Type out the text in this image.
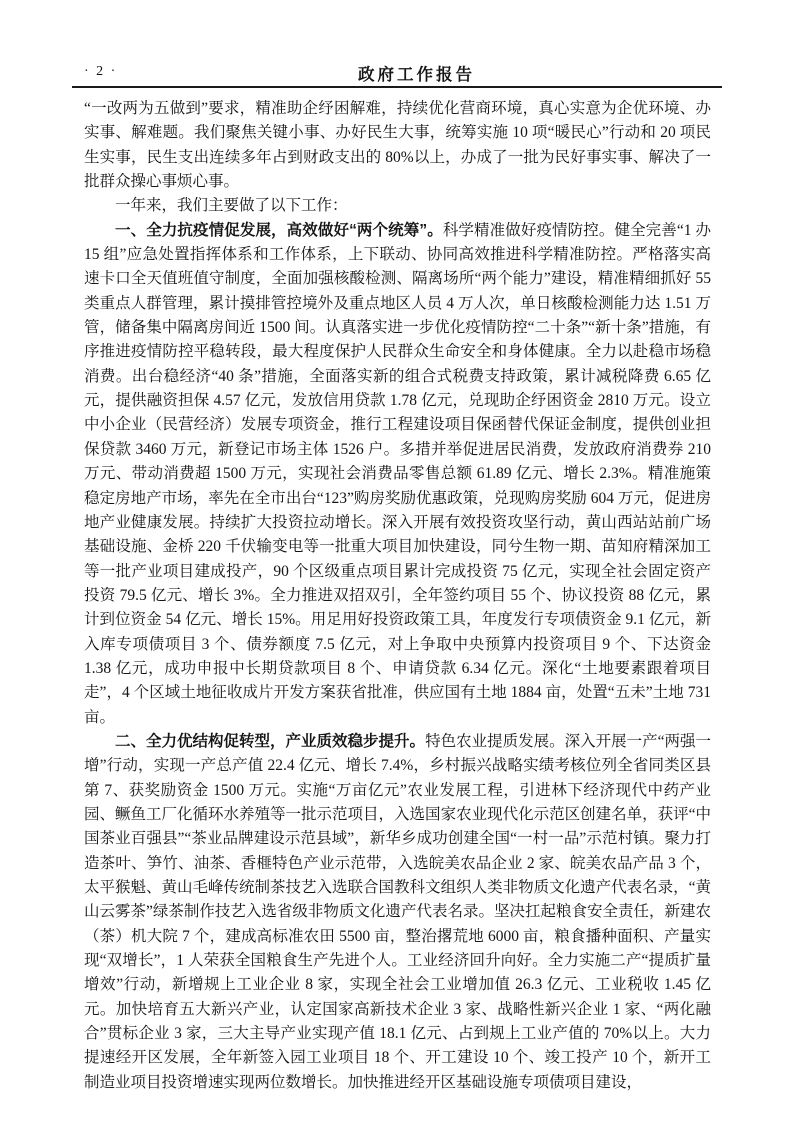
· 2 ·	政府工作报告

“一改两为五做到”要求，精准助企纾困解难，持续优化营商环境，真心实意为企优环境、办实事、解难题。我们聚焦关键小事、办好民生大事，统筹实施 10 项“暖民心”行动和 20 项民生实事，民生支出连续多年占到财政支出的 80%以上，办成了一批为民好事实事、解决了一批群众操心事烦心事。

一年来，我们主要做了以下工作：

一、全力抗疫情促发展，高效做好“两个统筹”。科学精准做好疫情防控。健全完善“1 办 15 组”应急处置指挥体系和工作体系，上下联动、协同高效推进科学精准防控。严格落实高速卡口全天值班值守制度，全面加强核酸检测、隔离场所“两个能力”建设，精准精细抓好 55 类重点人群管理，累计摸排管控境外及重点地区人员 4 万人次，单日核酸检测能力达 1.51 万管，储备集中隔离房间近 1500 间。认真落实进一步优化疫情防控“二十条”“新十条”措施，有序推进疫情防控平稳转段，最大程度保护人民群众生命安全和身体健康。全力以赴稳市场稳消费。出台稳经济“40 条”措施，全面落实新的组合式税费支持政策，累计减税降费 6.65 亿元，提供融资担保 4.57 亿元，发放信用贷款 1.78 亿元，兑现助企纾困资金 2810 万元。设立中小企业（民营经济）发展专项资金，推行工程建设项目保函替代保证金制度，提供创业担保贷款 3460 万元，新登记市场主体 1526 户。多措并举促进居民消费，发放政府消费券 210 万元、带动消费超 1500 万元，实现社会消费品零售总额 61.89 亿元、增长 2.3%。精准施策稳定房地产市场，率先在全市出台“123”购房奖励优惠政策，兑现购房奖励 604 万元，促进房地产业健康发展。持续扩大投资拉动增长。深入开展有效投资攻坚行动，黄山西站站前广场基础设施、金桥 220 千伏输变电等一批重大项目加快建设，同兮生物一期、苗知府精深加工等一批产业项目建成投产，90 个区级重点项目累计完成投资 75 亿元，实现全社会固定资产投资 79.5 亿元、增长 3%。全力推进双招双引，全年签约项目 55 个、协议投资 88 亿元，累计到位资金 54 亿元、增长 15%。用足用好投资政策工具，年度发行专项债资金 9.1 亿元，新入库专项债项目 3 个、债券额度 7.5 亿元，对上争取中央预算内投资项目 9 个、下达资金 1.38 亿元，成功申报中长期贷款项目 8 个、申请贷款 6.34 亿元。深化“土地要素跟着项目走”，4 个区域土地征收成片开发方案获省批准，供应国有土地 1884 亩，处置“五未”土地 731 亩。

二、全力优结构促转型，产业质效稳步提升。特色农业提质发展。深入开展一产“两强一增”行动，实现一产总产值 22.4 亿元、增长 7.4%，乡村振兴战略实绩考核位列全省同类区县第 7、获奖励资金 1500 万元。实施“万亩亿元”农业发展工程，引进林下经济现代中药产业园、鳜鱼工厂化循环水养殖等一批示范项目，入选国家农业现代化示范区创建名单，获评“中国茶业百强县”“茶业品牌建设示范县域”，新华乡成功创建全国“一村一品”示范村镇。聚力打造茶叶、笋竹、油茶、香榧特色产业示范带，入选皖美农品企业 2 家、皖美农品产品 3 个，太平猴魁、黄山毛峰传统制茶技艺入选联合国教科文组织人类非物质文化遗产代表名录，“黄山云雾茶”绿茶制作技艺入选省级非物质文化遗产代表名录。坚决扛起粮食安全责任，新建农（茶）机大院 7 个，建成高标准农田 5500 亩，整治撂荒地 6000 亩，粮食播种面积、产量实现“双增长”，1 人荣获全国粮食生产先进个人。工业经济回升向好。全力实施二产“提质扩量增效”行动，新增规上工业企业 8 家，实现全社会工业增加值 26.3 亿元、工业税收 1.45 亿元。加快培育五大新兴产业，认定国家高新技术企业 3 家、战略性新兴企业 1 家、“两化融合”贯标企业 3 家，三大主导产业实现产值 18.1 亿元、占到规上工业产值的 70%以上。大力提速经开区发展，全年新签入园工业项目 18 个、开工建设 10 个、竣工投产 10 个，新开工制造业项目投资增速实现两位数增长。加快推进经开区基础设施专项债项目建设，
